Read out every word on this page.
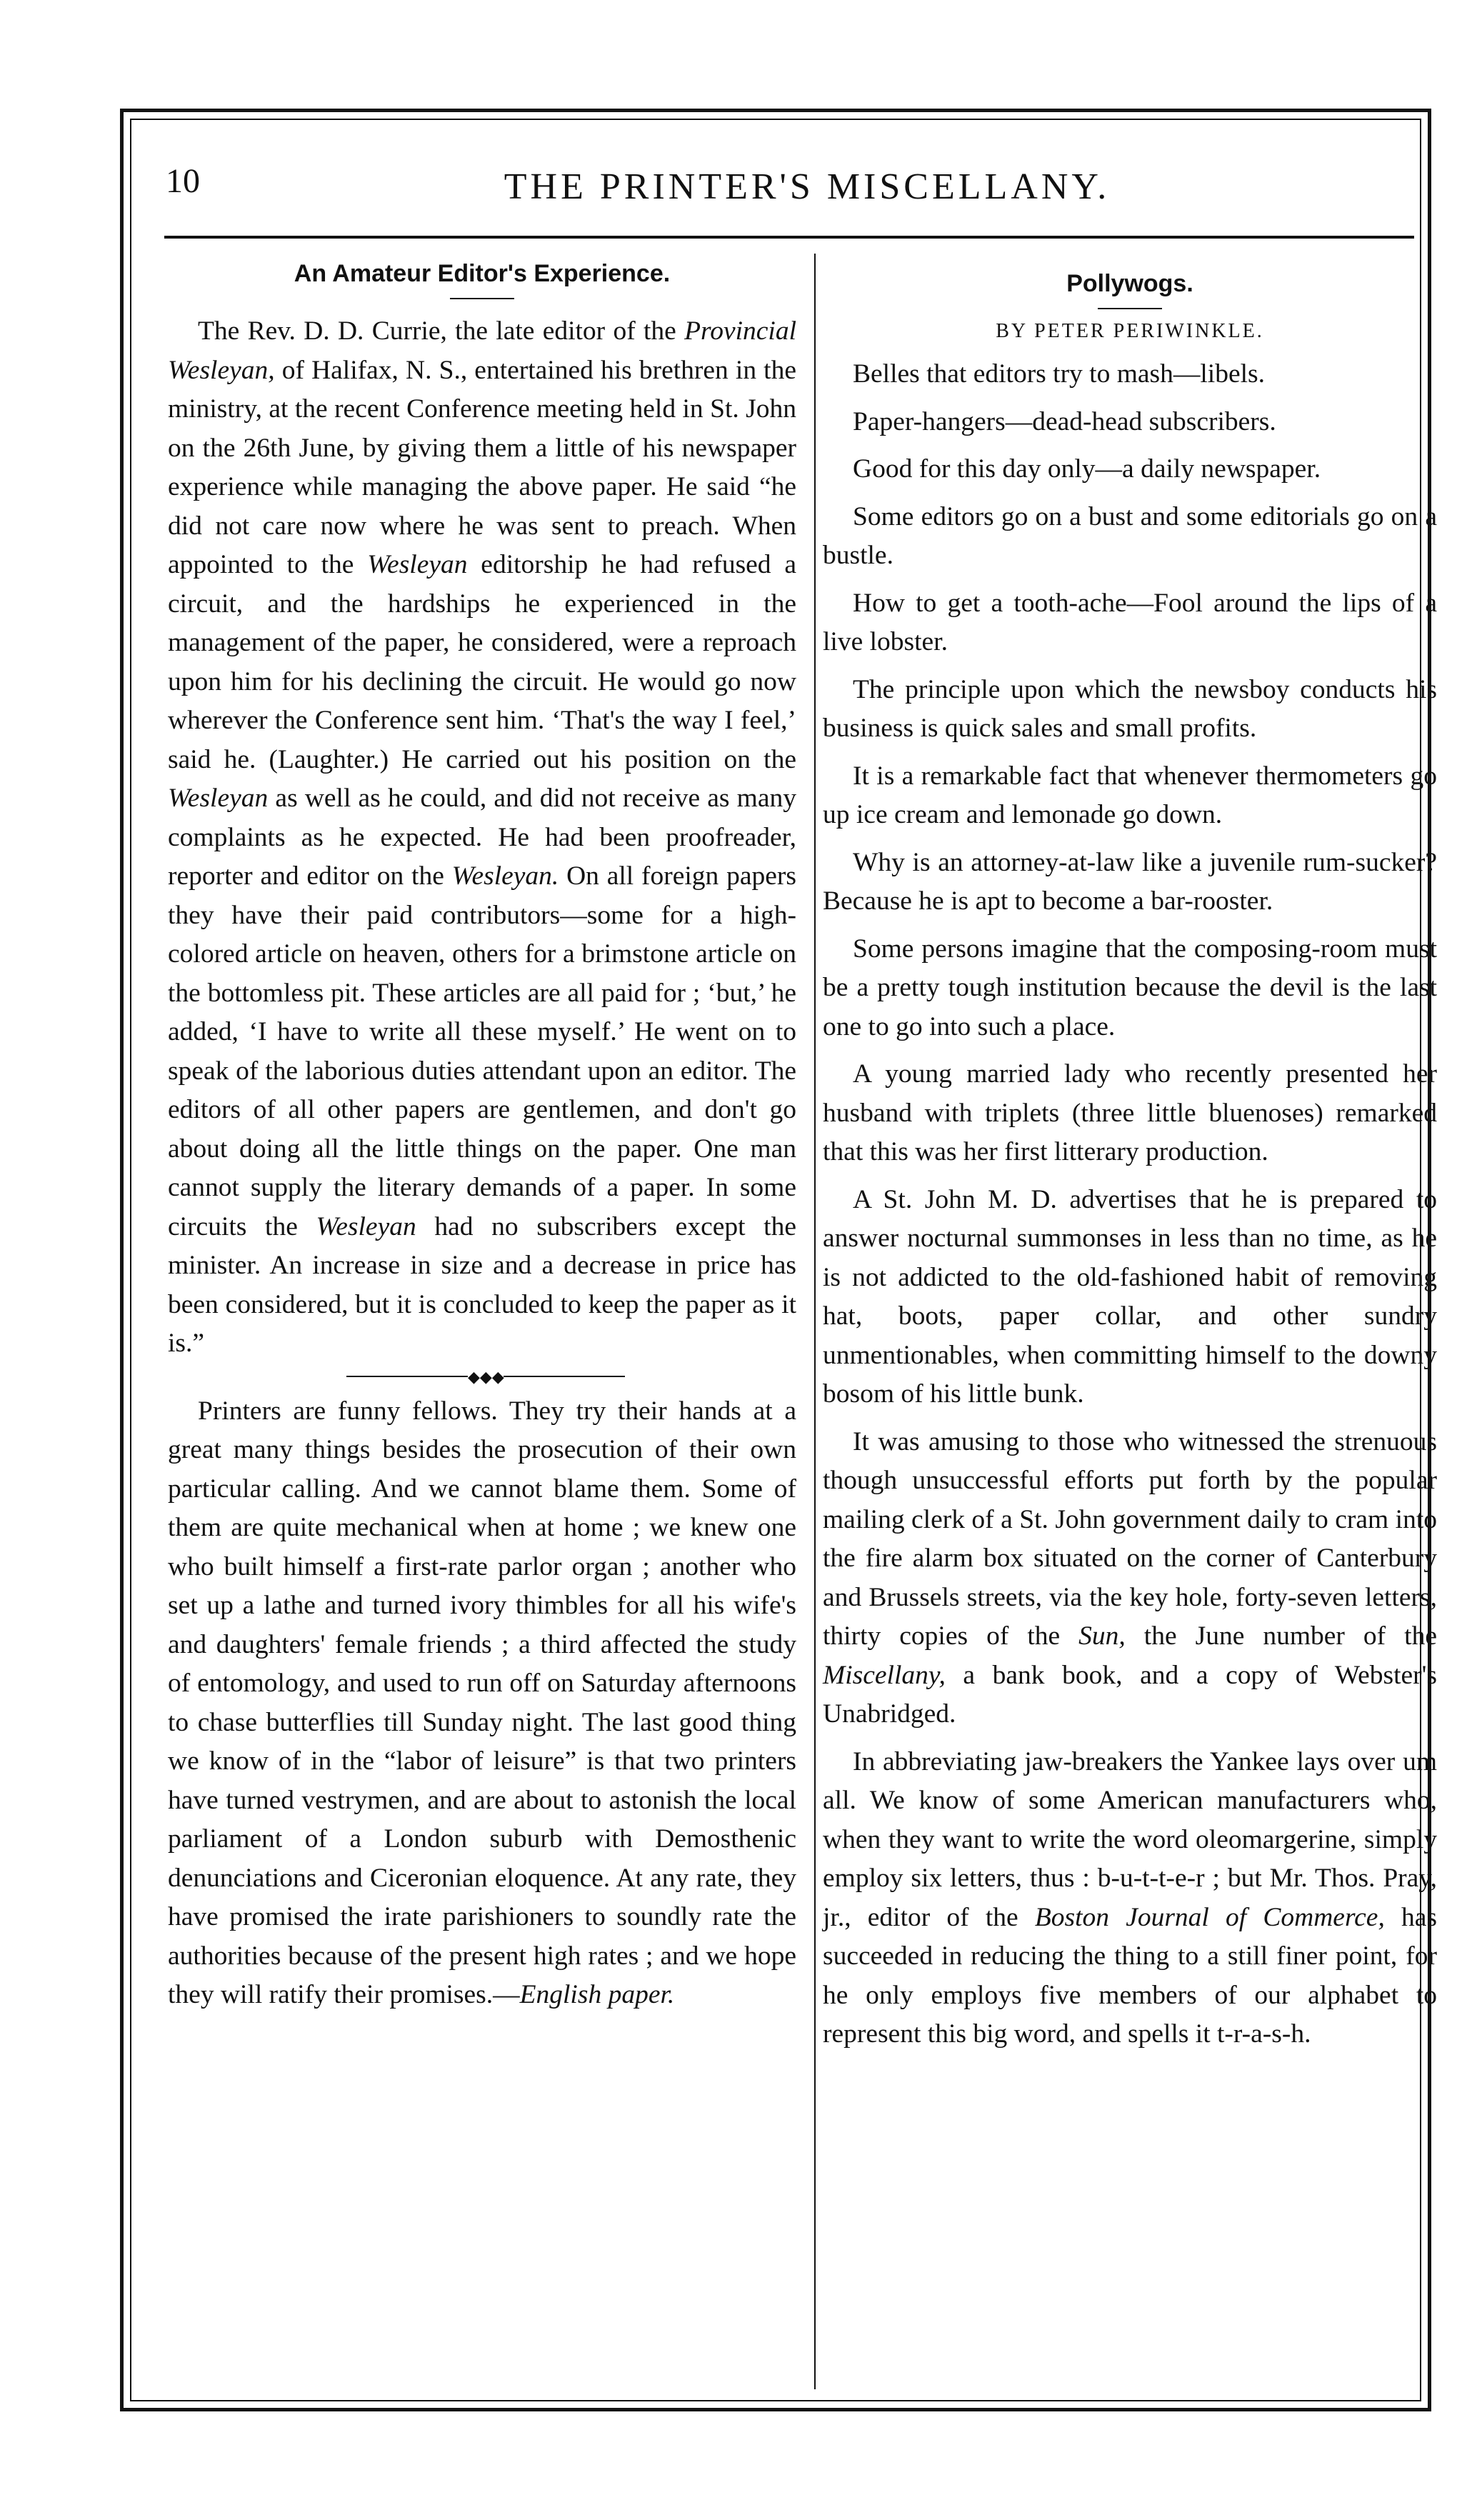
10	THE PRINTER'S MISCELLANY.
An Amateur Editor's Experience.

The Rev. D. D. Currie, the late editor of the Provincial Wesleyan, of Halifax, N. S., entertained his brethren in the ministry, at the recent Conference meeting held in St. John on the 26th June, by giving them a little of his newspaper experience while managing the above paper. He said “he did not care now where he was sent to preach. When appointed to the Wesleyan editorship he had refused a circuit, and the hardships he experienced in the management of the paper, he considered, were a reproach upon him for his declining the circuit. He would go now wherever the Conference sent him. ‘That's the way I feel,’ said he. (Laughter.) He carried out his position on the Wesleyan as well as he could, and did not receive as many complaints as he expected. He had been proofreader, reporter and editor on the Wesleyan. On all foreign papers they have their paid contributors—some for a high-colored article on heaven, others for a brimstone article on the bottomless pit. These articles are all paid for ; ‘but,’ he added, ‘I have to write all these myself.’ He went on to speak of the laborious duties attendant upon an editor. The editors of all other papers are gentlemen, and don't go about doing all the little things on the paper. One man cannot supply the literary demands of a paper. In some circuits the Wesleyan had no subscribers except the minister. An increase in size and a decrease in price has been considered, but it is concluded to keep the paper as it is.”

◆◆◆

Printers are funny fellows. They try their hands at a great many things besides the prosecution of their own particular calling. And we cannot blame them. Some of them are quite mechanical when at home ; we knew one who built himself a first-rate parlor organ ; another who set up a lathe and turned ivory thimbles for all his wife's and daughters' female friends ; a third affected the study of entomology, and used to run off on Saturday afternoons to chase butterflies till Sunday night. The last good thing we know of in the “labor of leisure” is that two printers have turned vestrymen, and are about to astonish the local parliament of a London suburb with Demosthenic denunciations and Ciceronian eloquence. At any rate, they have promised the irate parishioners to soundly rate the authorities because of the present high rates ; and we hope they will ratify their promises.—English paper.

Pollywogs.
BY PETER PERIWINKLE.

Belles that editors try to mash—libels.

Paper-hangers—dead-head subscribers.

Good for this day only—a daily newspaper.

Some editors go on a bust and some editorials go on a bustle.

How to get a tooth-ache—Fool around the lips of a live lobster.

The principle upon which the newsboy conducts his business is quick sales and small profits.

It is a remarkable fact that whenever thermometers go up ice cream and lemonade go down.

Why is an attorney-at-law like a juvenile rum-sucker? Because he is apt to become a bar-rooster.

Some persons imagine that the composing-room must be a pretty tough institution because the devil is the last one to go into such a place.

A young married lady who recently presented her husband with triplets (three little bluenoses) remarked that this was her first litterary production.

A St. John M. D. advertises that he is prepared to answer nocturnal summonses in less than no time, as he is not addicted to the old-fashioned habit of removing hat, boots, paper collar, and other sundry unmentionables, when committing himself to the downy bosom of his little bunk.

It was amusing to those who witnessed the strenuous though unsuccessful efforts put forth by the popular mailing clerk of a St. John government daily to cram into the fire alarm box situated on the corner of Canterbury and Brussels streets, via the key hole, forty-seven letters, thirty copies of the Sun, the June number of the Miscellany, a bank book, and a copy of Webster's Unabridged.

In abbreviating jaw-breakers the Yankee lays over um all. We know of some American manufacturers who, when they want to write the word oleomargerine, simply employ six letters, thus : b-u-t-t-e-r ; but Mr. Thos. Pray, jr., editor of the Boston Journal of Commerce, has succeeded in reducing the thing to a still finer point, for he only employs five members of our alphabet to represent this big word, and spells it t-r-a-s-h.
